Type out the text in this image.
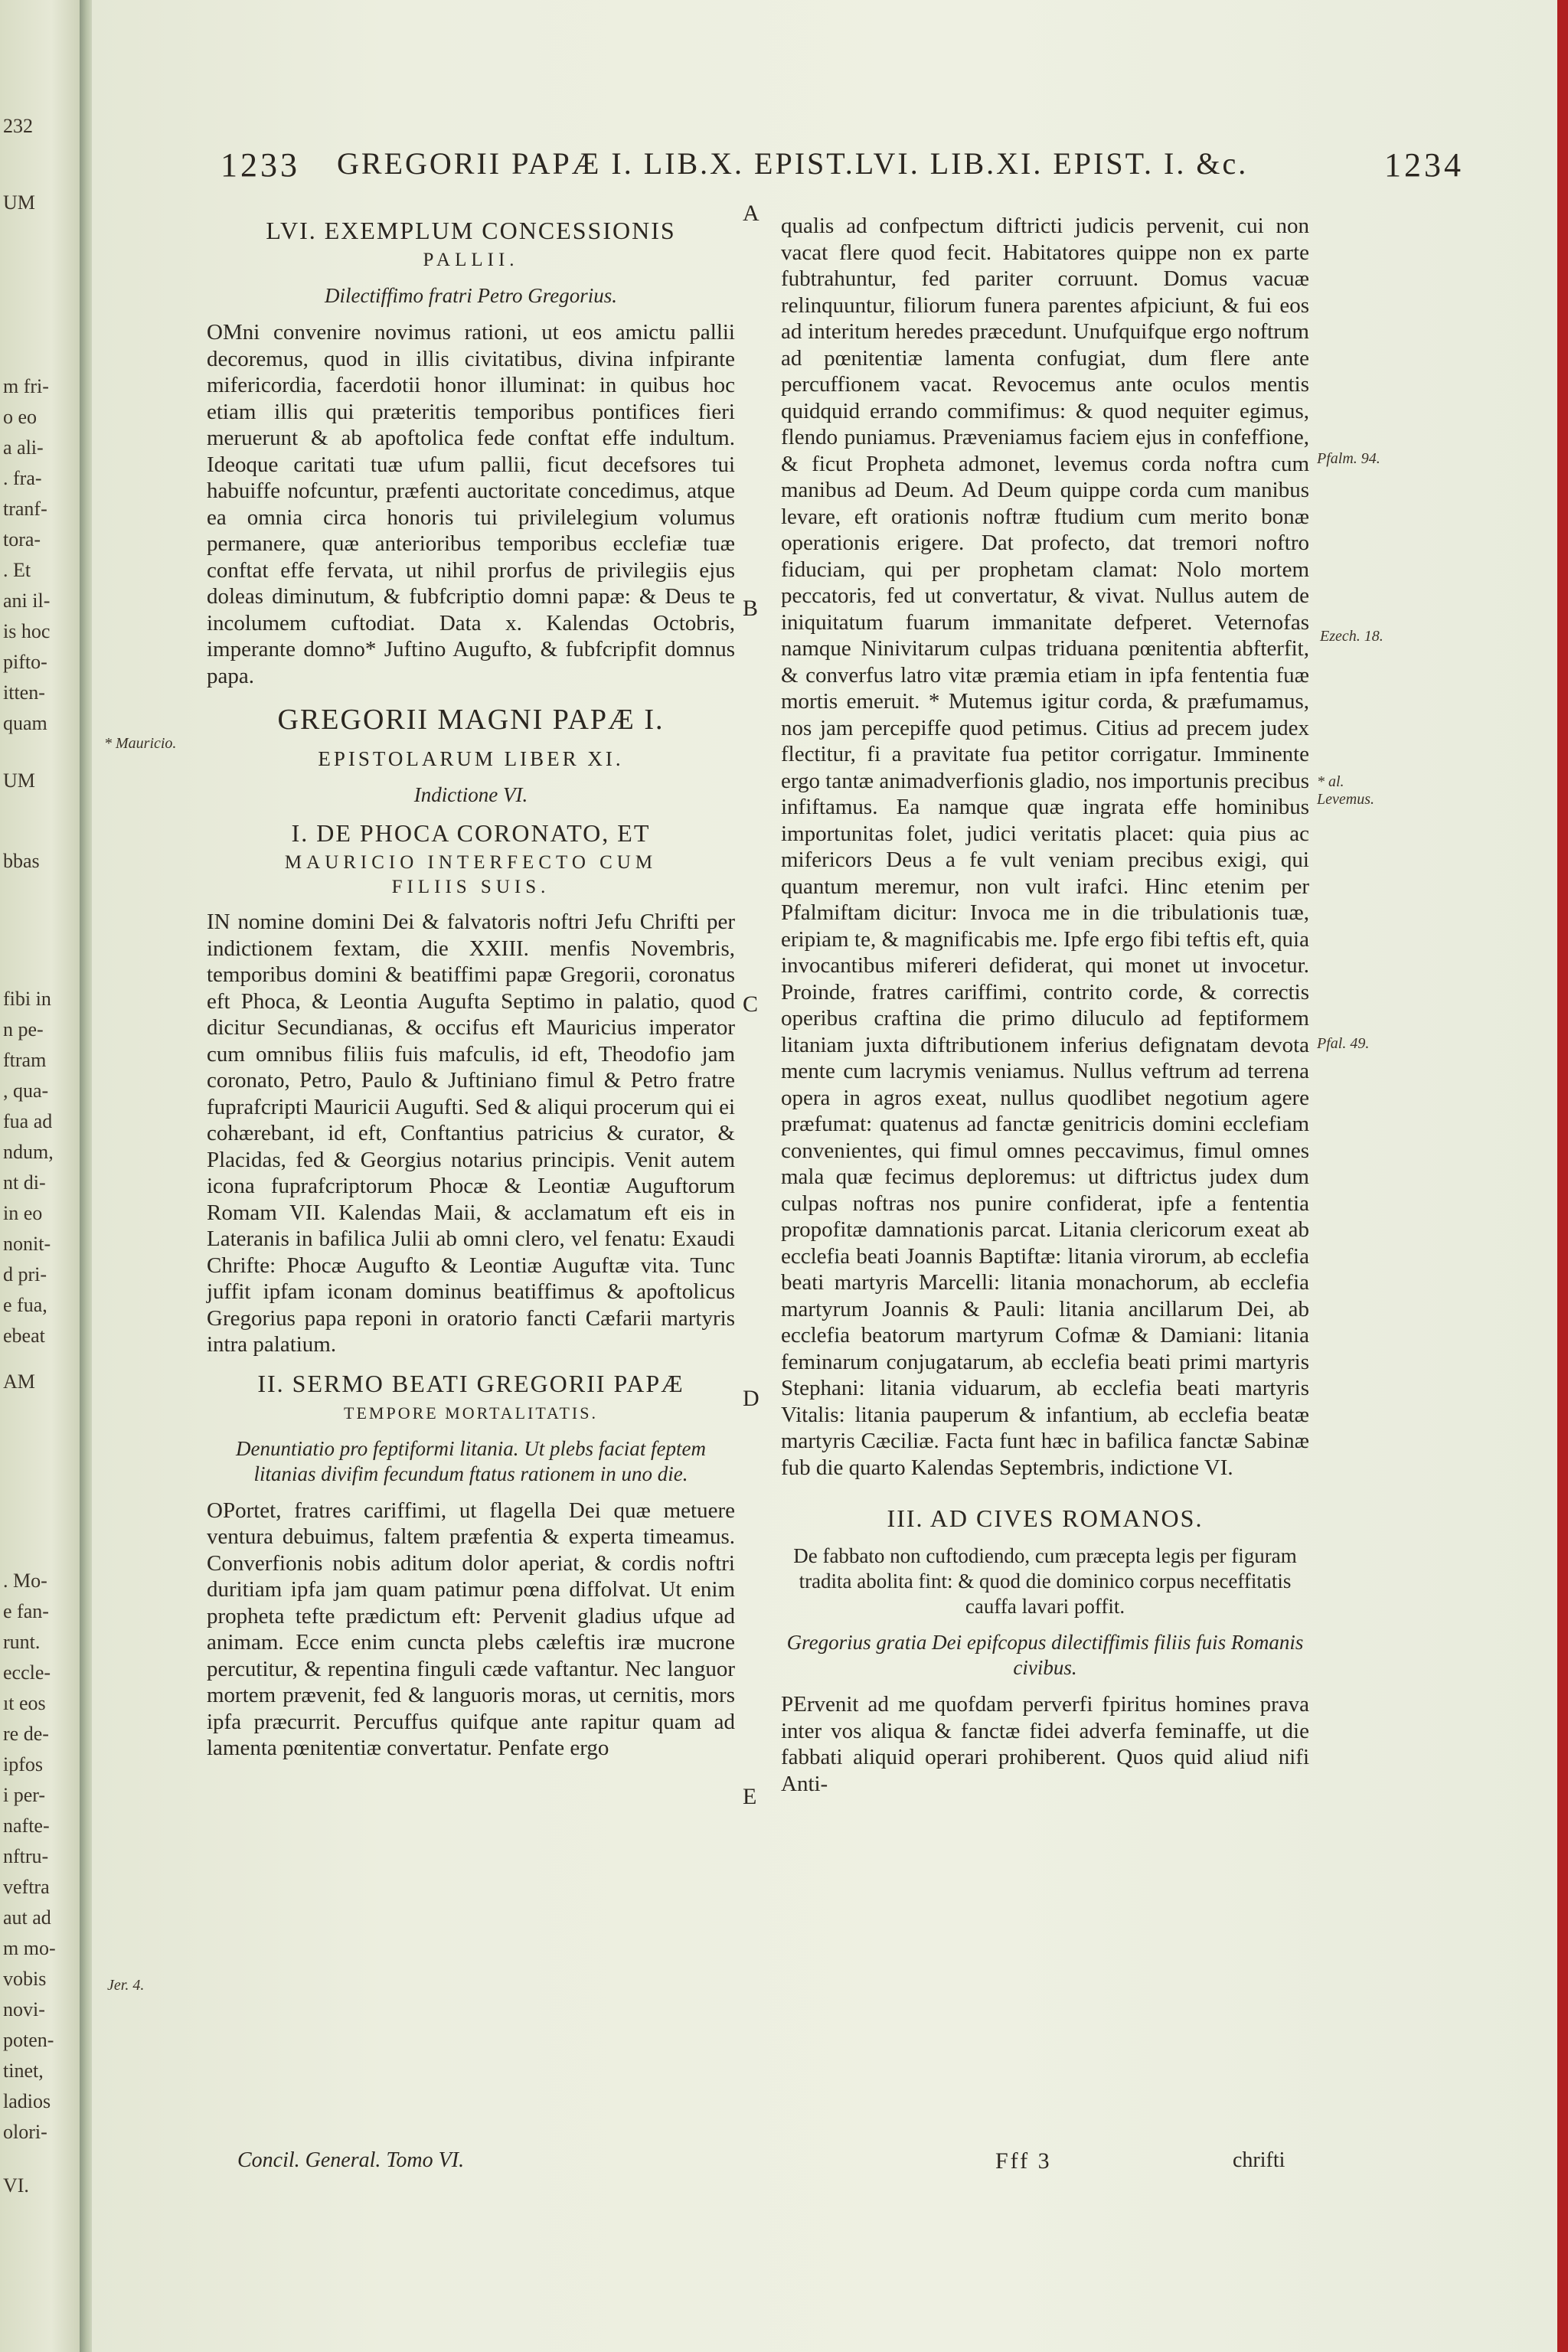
232
UM
m fri-
o eo
a ali-
. fra-
tranf-
tora-
. Et
ani il-
is hoc
pifto-
itten-
quam
UM
bbas
fibi in
n pe-
ftram
, qua-
fua ad
ndum,
nt di-
in eo
nonit-
d pri-
e fua,
ebeat
AM
. Mo-
e fan-
runt.
eccle-
ıt eos
re de-
ipfos
i per-
nafte-
nftru-
veftra
aut ad
m mo-
vobis
novi-
poten-
tinet,
ladios
olori-
VI.
1233 GREGORII PAPÆ I. LIB.X. EPIST.LVI. LIB.XI. EPIST. I. &c.	1234
LVI. EXEMPLUM CONCESSIONIS
PALLII.
Dilectiffimo fratri Petro Gregorius.

OMni convenire novimus rationi, ut eos amictu pallii decoremus, quod in illis civitatibus, divina infpirante mifericordia, facerdotii honor illuminat: in quibus hoc etiam illis qui præteritis temporibus pontifices fieri meruerunt & ab apoftolica fede conftat effe indultum. Ideoque caritati tuæ ufum pallii, ficut decefsores tui habuiffe nofcuntur, præfenti auctoritate concedimus, atque ea omnia circa honoris tui privilelegium volumus permanere, quæ anterioribus temporibus ecclefiæ tuæ conftat effe fervata, ut nihil prorfus de privilegiis ejus doleas diminutum, & fubfcriptio domni papæ: & Deus te incolumem cuftodiat. Data x. Kalendas Octobris, imperante domno* Juftino Augufto, & fubfcripfit domnus papa.

GREGORII MAGNI PAPÆ I.
EPISTOLARUM LIBER XI.
Indictione VI.
I. DE PHOCA CORONATO, ET
MAURICIO INTERFECTO CUM
FILIIS SUIS.

IN nomine domini Dei & falvatoris noftri Jefu Chrifti per indictionem fextam, die XXIII. menfis Novembris, temporibus domini & beatiffimi papæ Gregorii, coronatus eft Phoca, & Leontia Augufta Septimo in palatio, quod dicitur Secundianas, & occifus eft Mauricius imperator cum omnibus filiis fuis mafculis, id eft, Theodofio jam coronato, Petro, Paulo & Juftiniano fimul & Petro fratre fuprafcripti Mauricii Augufti. Sed & aliqui procerum qui ei cohærebant, id eft, Conftantius patricius & curator, & Placidas, fed & Georgius notarius principis. Venit autem icona fuprafcriptorum Phocæ & Leontiæ Auguftorum Romam VII. Kalendas Maii, & acclamatum eft eis in Lateranis in bafilica Julii ab omni clero, vel fenatu: Exaudi Chrifte: Phocæ Augufto & Leontiæ Auguftæ vita. Tunc juffit ipfam iconam dominus beatiffimus & apoftolicus Gregorius papa reponi in oratorio fancti Cæfarii martyris intra palatium.

II. SERMO BEATI GREGORII PAPÆ
TEMPORE MORTALITATIS.
Denuntiatio pro feptiformi litania. Ut plebs faciat feptem litanias divifim fecundum ftatus rationem in uno die.

OPortet, fratres cariffimi, ut flagella Dei quæ metuere ventura debuimus, faltem præfentia & experta timeamus. Converfionis nobis aditum dolor aperiat, & cordis noftri duritiam ipfa jam quam patimur pœna diffolvat. Ut enim propheta tefte prædictum eft: Pervenit gladius ufque ad animam. Ecce enim cuncta plebs cæleftis iræ mucrone percutitur, & repentina finguli cæde vaftantur. Nec languor mortem prævenit, fed & languoris moras, ut cernitis, mors ipfa præcurrit. Percuffus quifque ante rapitur quam ad lamenta pœnitentiæ convertatur. Penfate ergo

qualis ad confpectum diftricti judicis pervenit, cui non vacat flere quod fecit. Habitatores quippe non ex parte fubtrahuntur, fed pariter corruunt. Domus vacuæ relinquuntur, filiorum funera parentes afpiciunt, & fui eos ad interitum heredes præcedunt. Unufquifque ergo noftrum ad pœnitentiæ lamenta confugiat, dum flere ante percuffionem vacat. Revocemus ante oculos mentis quidquid errando commifimus: & quod nequiter egimus, flendo puniamus. Præveniamus faciem ejus in confeffione, & ficut Propheta admonet, levemus corda noftra cum manibus ad Deum. Ad Deum quippe corda cum manibus levare, eft orationis noftræ ftudium cum merito bonæ operationis erigere. Dat profecto, dat tremori noftro fiduciam, qui per prophetam clamat: Nolo mortem peccatoris, fed ut convertatur, & vivat. Nullus autem de iniquitatum fuarum immanitate defperet. Veternofas namque Ninivitarum culpas triduana pœnitentia abfterfit, & converfus latro vitæ præmia etiam in ipfa fententia fuæ mortis emeruit. * Mutemus igitur corda, & præfumamus, nos jam percepiffe quod petimus. Citius ad precem judex flectitur, fi a pravitate fua petitor corrigatur. Imminente ergo tantæ animadverfionis gladio, nos importunis precibus infiftamus. Ea namque quæ ingrata effe hominibus importunitas folet, judici veritatis placet: quia pius ac mifericors Deus a fe vult veniam precibus exigi, qui quantum meremur, non vult irafci. Hinc etenim per Pfalmiftam dicitur: Invoca me in die tribulationis tuæ, eripiam te, & magnificabis me. Ipfe ergo fibi teftis eft, quia invocantibus mifereri defiderat, qui monet ut invocetur. Proinde, fratres cariffimi, contrito corde, & correctis operibus craftina die primo diluculo ad feptiformem litaniam juxta diftributionem inferius defignatam devota mente cum lacrymis veniamus. Nullus veftrum ad terrena opera in agros exeat, nullus quodlibet negotium agere præfumat: quatenus ad fanctæ genitricis domini ecclefiam convenientes, qui fimul omnes peccavimus, fimul omnes mala quæ fecimus deploremus: ut diftrictus judex dum culpas noftras nos punire confiderat, ipfe a fententia propofitæ damnationis parcat. Litania clericorum exeat ab ecclefia beati Joannis Baptiftæ: litania virorum, ab ecclefia beati martyris Marcelli: litania monachorum, ab ecclefia martyrum Joannis & Pauli: litania ancillarum Dei, ab ecclefia beatorum martyrum Cofmæ & Damiani: litania feminarum conjugatarum, ab ecclefia beati primi martyris Stephani: litania viduarum, ab ecclefia beati martyris Vitalis: litania pauperum & infantium, ab ecclefia beatæ martyris Cæciliæ. Facta funt hæc in bafilica fanctæ Sabinæ fub die quarto Kalendas Septembris, indictione VI.

III. AD CIVES ROMANOS.
De fabbato non cuftodiendo, cum præcepta legis per figuram tradita abolita fint: & quod die dominico corpus neceffitatis cauffa lavari poffit.
Gregorius gratia Dei epifcopus dilectiffimis filiis fuis Romanis civibus.

PErvenit ad me quofdam perverfi fpiritus homines prava inter vos aliqua & fanctæ fidei adverfa feminaffe, ut die fabbati aliquid operari prohiberent. Quos quid aliud nifi Anti-

A
B
C
D
E
* Mauricio.
Jer. 4.
Pfalm. 94.
Ezech. 18.
* al. Levemus.
Pfal. 49.
Concil. General. Tomo VI.	Fff 3	chrifti
